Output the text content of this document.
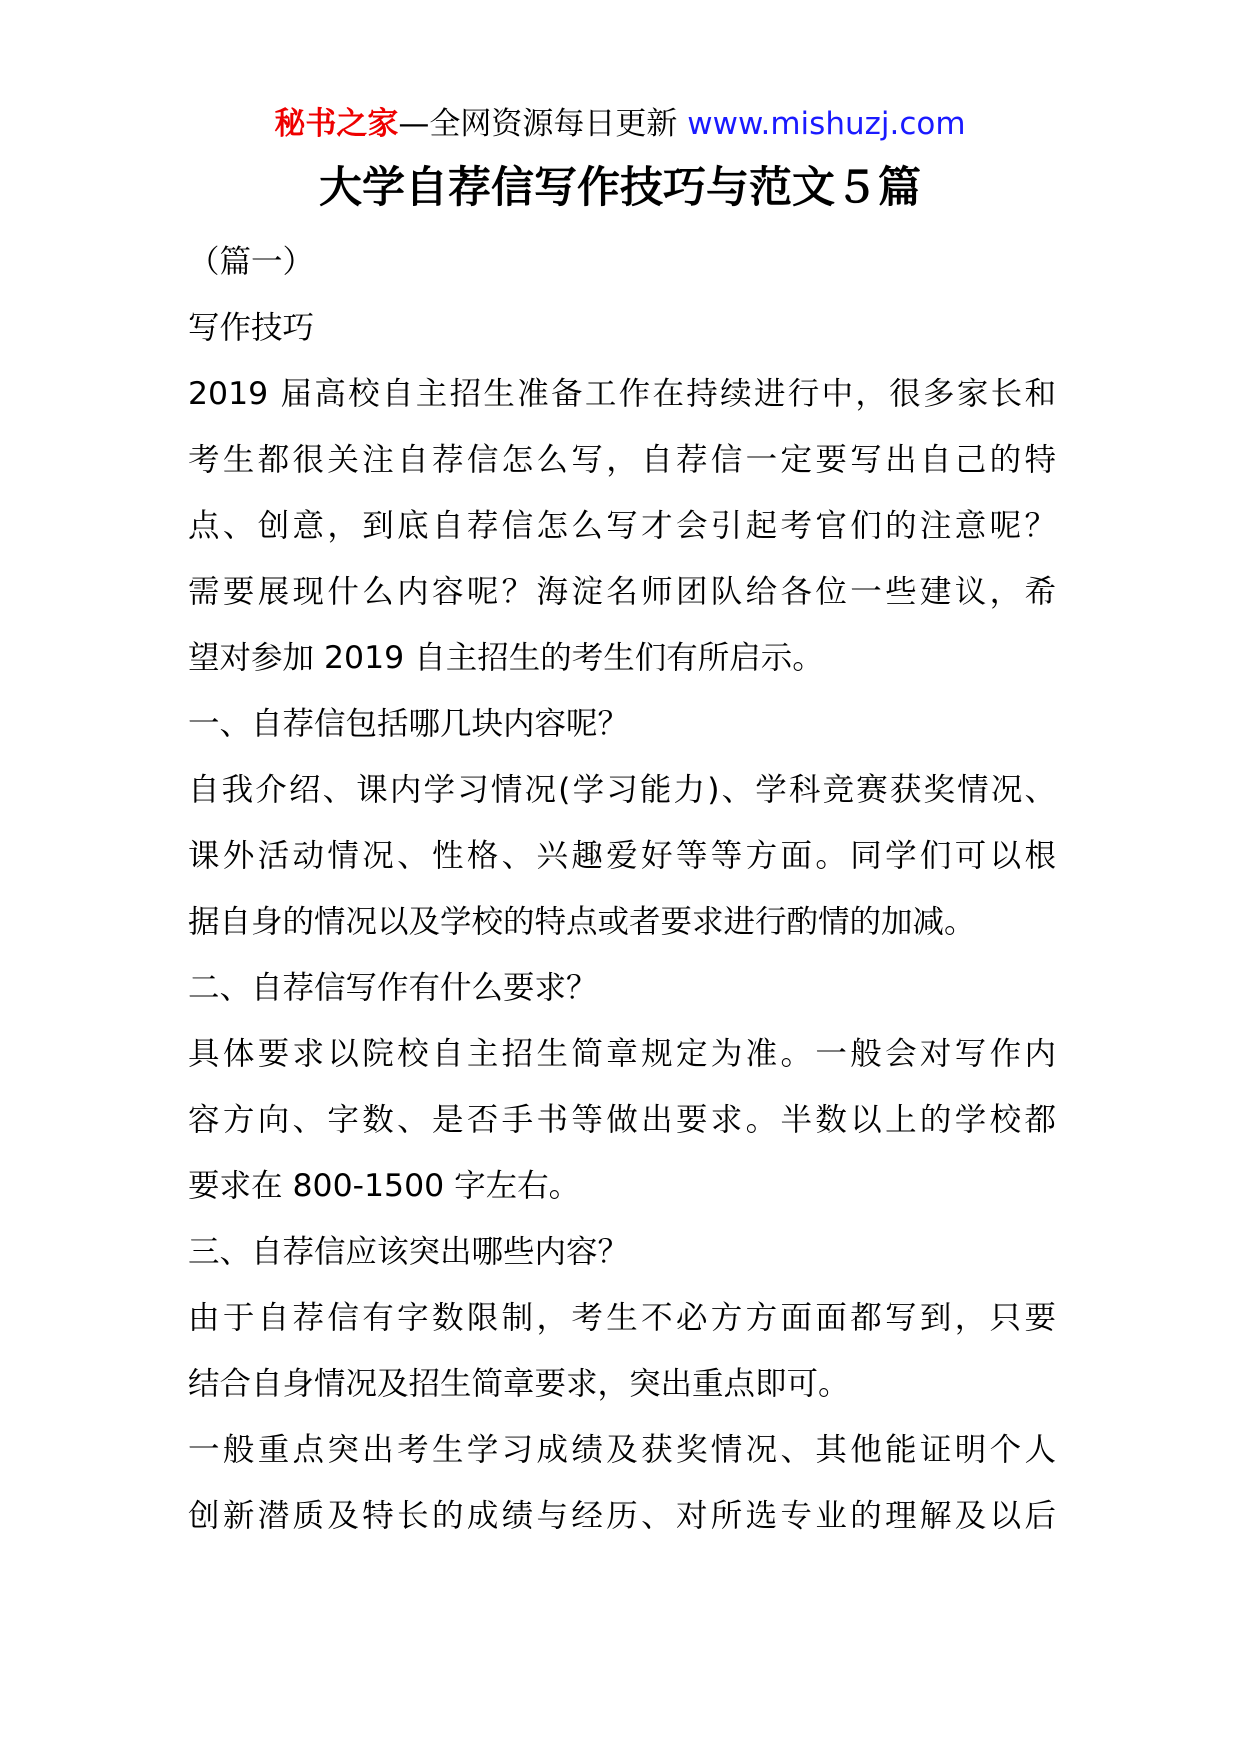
秘书之家—全网资源每日更新 www.mishuzj.com
大学自荐信写作技巧与范文５篇
（篇一）
写作技巧
2019 届高校自主招生准备工作在持续进行中，很多家长和
考生都很关注自荐信怎么写，自荐信一定要写出自己的特
点、创意，到底自荐信怎么写才会引起考官们的注意呢？
需要展现什么内容呢？海淀名师团队给各位一些建议，希
望对参加 2019 自主招生的考生们有所启示。
一、自荐信包括哪几块内容呢？
自我介绍、课内学习情况(学习能力)、学科竞赛获奖情况、
课外活动情况、性格、兴趣爱好等等方面。同学们可以根
据自身的情况以及学校的特点或者要求进行酌情的加减。
二、自荐信写作有什么要求？
具体要求以院校自主招生简章规定为准。一般会对写作内
容方向、字数、是否手书等做出要求。半数以上的学校都
要求在 800-1500 字左右。
三、自荐信应该突出哪些内容？
由于自荐信有字数限制，考生不必方方面面都写到，只要
结合自身情况及招生简章要求，突出重点即可。
一般重点突出考生学习成绩及获奖情况、其他能证明个人
创新潜质及特长的成绩与经历、对所选专业的理解及以后
